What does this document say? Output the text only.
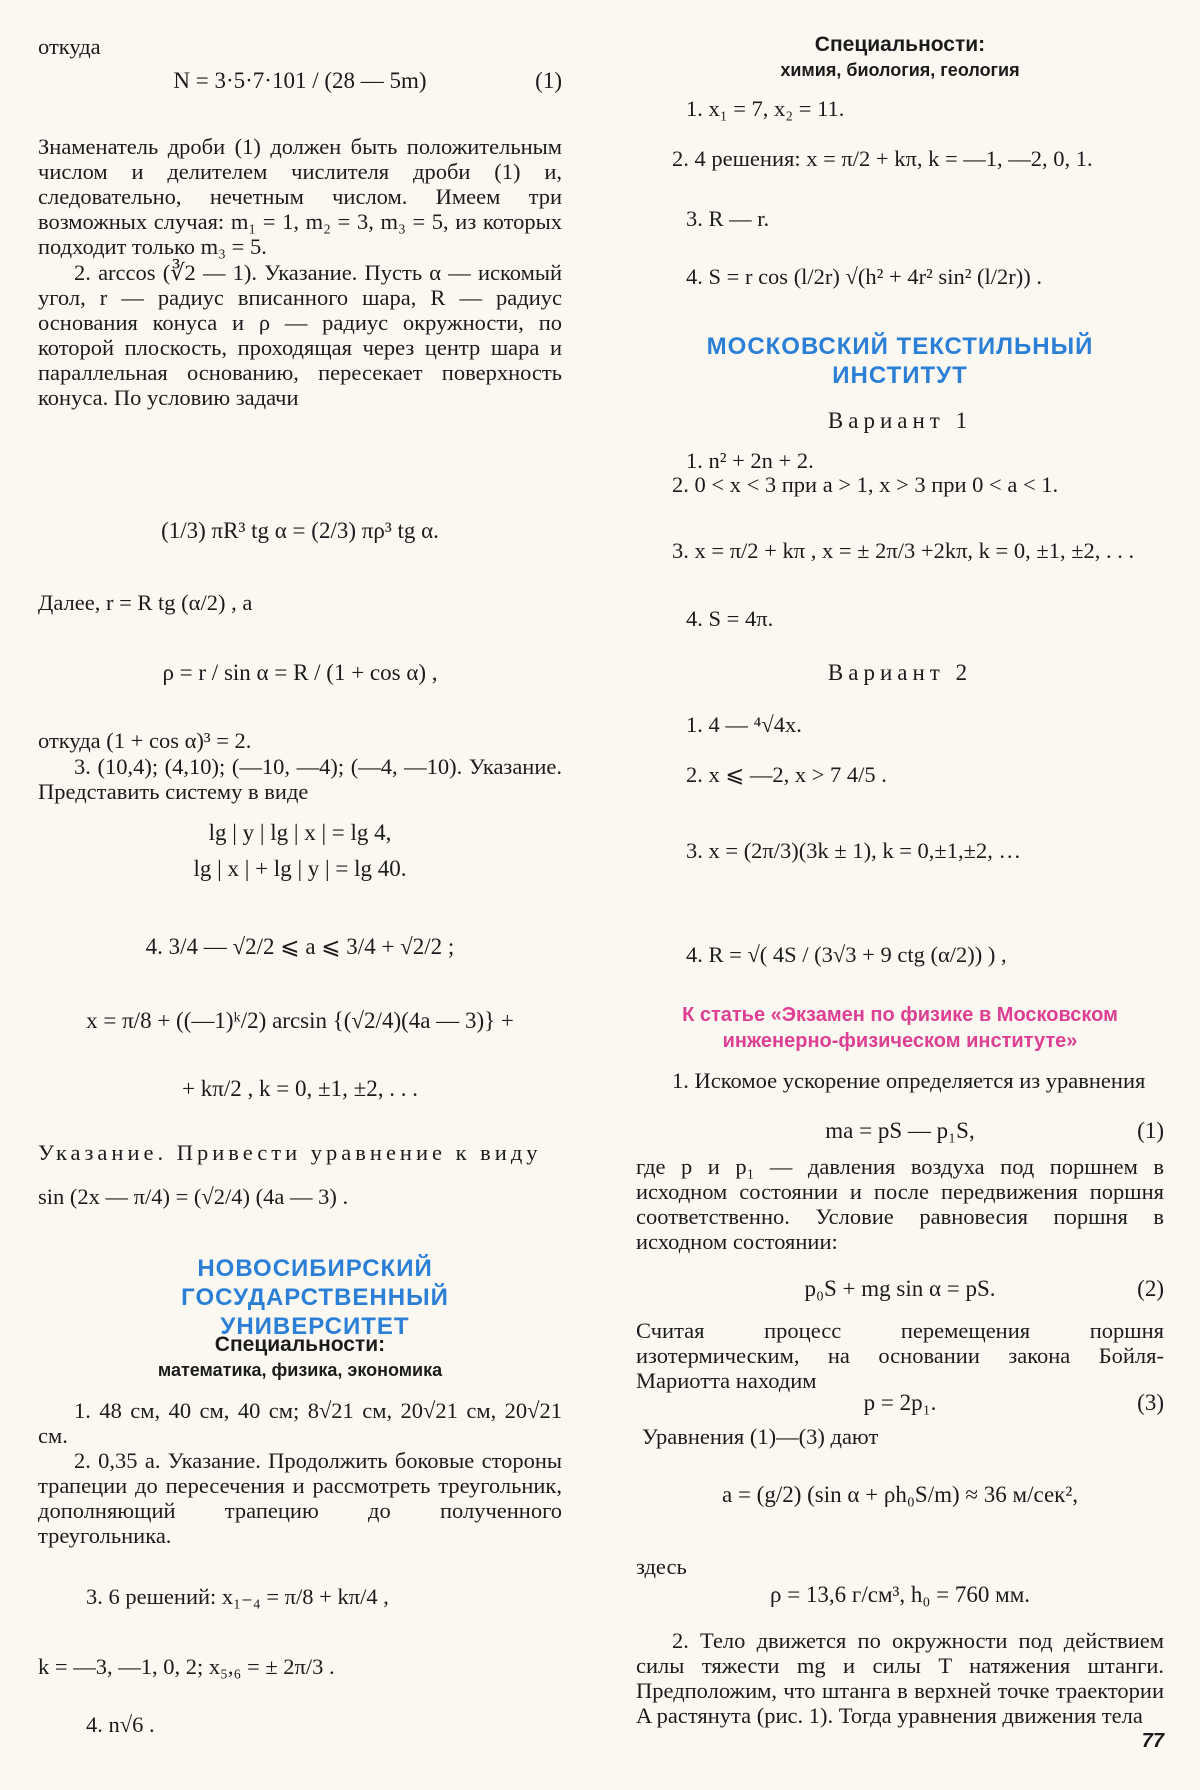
откуда
N = 3·5·7·101 / (28 — 5m)	(1)
Знаменатель дроби (1) должен быть положительным числом и делителем числителя дроби (1) и, следовательно, нечетным числом. Имеем три возможных случая: m₁ = 1, m₂ = 3, m₃ = 5, из которых подходит только m₃ = 5.
2. arccos (∛2 — 1). Указание. Пусть α — искомый угол, r — радиус вписанного шара, R — радиус основания конуса и ρ — радиус окружности, по которой плоскость, проходящая через центр шара и параллельная основанию, пересекает поверхность конуса. По условию задачи
(1/3) πR³ tg α = (2/3) πρ³ tg α.
Далее, r = R tg (α/2) , а
ρ = r / sin α = R / (1 + cos α) ,
откуда (1 + cos α)³ = 2.
3. (10,4); (4,10); (—10, —4); (—4, —10). Указание. Представить систему в виде
lg | y | lg | x | = lg 4,
lg | x | + lg | y | = lg 40.
4. 3/4 — √2/2 ⩽ a ⩽ 3/4 + √2/2 ;
x = π/8 + ((—1)ᵏ/2) arcsin {(√2/4)(4a — 3)} +
+ kπ/2 , k = 0, ±1, ±2, . . .
Указание. Привести уравнение к виду
sin (2x — π/4) = (√2/4) (4a — 3) .
НОВОСИБИРСКИЙ ГОСУДАРСТВЕННЫЙ УНИВЕРСИТЕТ
Специальности:
математика, физика, экономика
1. 48 см, 40 см, 40 см; 8√21 см, 20√21 см, 20√21 см.
2. 0,35 a. Указание. Продолжить боковые стороны трапеции до пересечения и рассмотреть треугольник, дополняющий трапецию до полученного треугольника.
3. 6 решений: x₁₋₄ = π/8 + kπ/4 ,
k = —3, —1, 0, 2; x₅,₆ = ± 2π/3 .
4. n√6 .
Специальности:
химия, биология, геология
1. x₁ = 7, x₂ = 11.
2. 4 решения: x = π/2 + kπ, k = —1, —2, 0, 1.
3. R — r.
4. S = r cos (l/2r) √(h² + 4r² sin² (l/2r)) .
МОСКОВСКИЙ ТЕКСТИЛЬНЫЙ ИНСТИТУТ
Вариант 1
1. n² + 2n + 2.
2. 0 < x < 3 при a > 1, x > 3 при 0 < a < 1.
3. x = π/2 + kπ , x = ± 2π/3 +2kπ, k = 0, ±1, ±2, . . .
4. S = 4π.
Вариант 2
1. 4 — ⁴√4x.
2. x ⩽ —2, x > 7 4/5 .
3. x = (2π/3)(3k ± 1), k = 0,±1,±2, …
4. R = √( 4S / (3√3 + 9 ctg (α/2)) ) ,
К статье «Экзамен по физике в Московском инженерно-физическом институте»
1. Искомое ускорение определяется из уравнения
ma = pS — p₁S,	(1)
где p и p₁ — давления воздуха под поршнем в исходном состоянии и после передвижения поршня соответственно. Условие равновесия поршня в исходном состоянии:
p₀S + mg sin α = pS.	(2)
Считая процесс перемещения поршня изотермическим, на основании закона Бойля-Мариотта находим
p = 2p₁.	(3)
Уравнения (1)—(3) дают
a = (g/2) (sin α + ρh₀S/m) ≈ 36 м/сек²,
здесь
ρ = 13,6 г/см³, h₀ = 760 мм.
2. Тело движется по окружности под действием силы тяжести mg и силы T натяжения штанги. Предположим, что штанга в верхней точке траектории A растянута (рис. 1). Тогда уравнения движения тела
77
